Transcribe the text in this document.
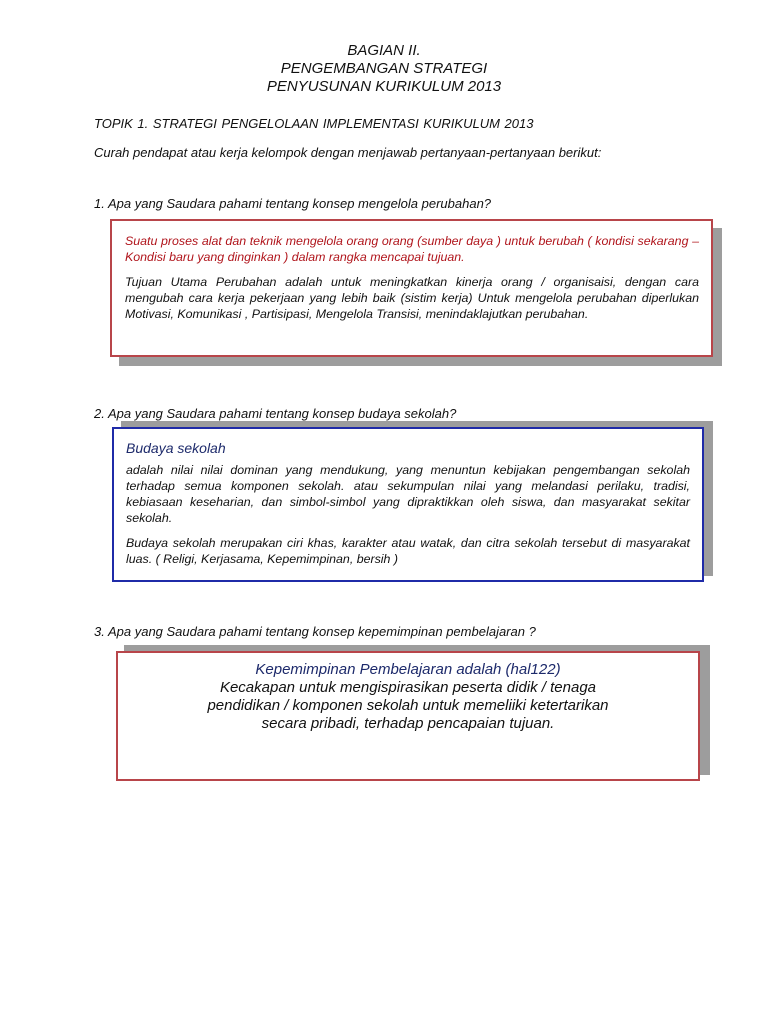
BAGIAN II.
PENGEMBANGAN STRATEGI
PENYUSUNAN KURIKULUM 2013
TOPIK 1. STRATEGI PENGELOLAAN IMPLEMENTASI KURIKULUM 2013
Curah pendapat atau kerja kelompok dengan menjawab pertanyaan-pertanyaan berikut:
1. Apa yang Saudara pahami tentang konsep mengelola perubahan?

Suatu proses alat dan teknik mengelola orang orang (sumber daya ) untuk berubah ( kondisi sekarang – Kondisi baru yang dinginkan ) dalam rangka mencapai tujuan.

Tujuan Utama Perubahan adalah untuk meningkatkan kinerja orang / organisaisi, dengan cara mengubah cara kerja pekerjaan yang lebih baik (sistim kerja) Untuk mengelola perubahan diperlukan Motivasi, Komunikasi , Partisipasi, Mengelola Transisi, menindaklajutkan perubahan.

2. Apa yang Saudara pahami tentang konsep budaya sekolah?

Budaya sekolah

adalah nilai nilai dominan yang mendukung, yang menuntun kebijakan pengembangan sekolah terhadap semua komponen sekolah. atau sekumpulan nilai yang melandasi perilaku, tradisi, kebiasaan keseharian, dan simbol-simbol yang dipraktikkan oleh siswa, dan masyarakat sekitar sekolah.

Budaya sekolah merupakan ciri khas, karakter atau watak, dan citra sekolah tersebut di masyarakat luas. ( Religi, Kerjasama, Kepemimpinan, bersih )

3. Apa yang Saudara pahami tentang konsep kepemimpinan pembelajaran ?
Kepemimpinan Pembelajaran adalah (hal122)
Kecakapan untuk mengispirasikan peserta didik / tenaga
pendidikan / komponen sekolah untuk memeliiki ketertarikan
secara pribadi, terhadap pencapaian tujuan.
